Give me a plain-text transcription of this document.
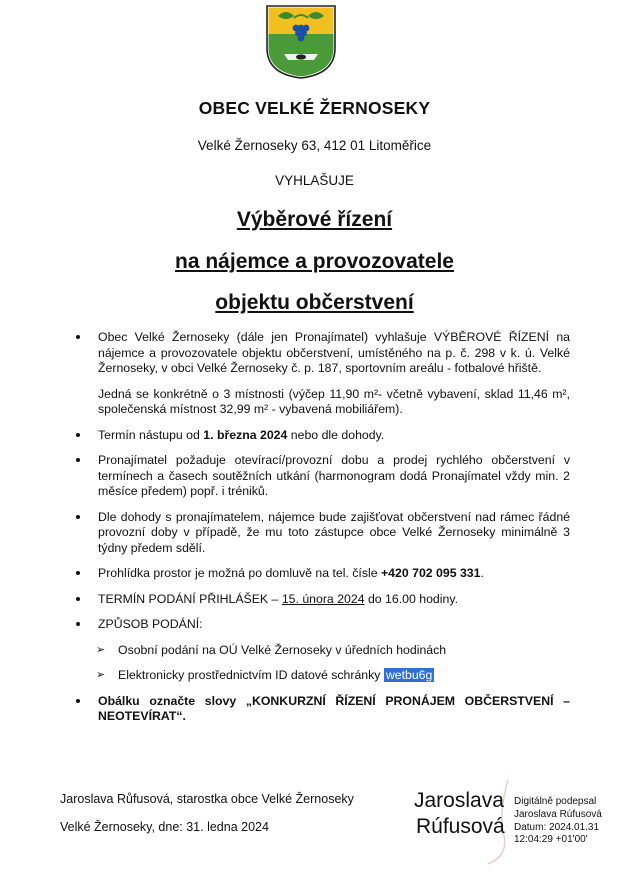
OBEC VELKÉ ŽERNOSEKY
Velké Žernoseky 63, 412 01 Litoměřice
VYHLAŠUJE
Výběrové řízení
na nájemce a provozovatele
objektu občerstvení
Obec Velké Žernoseky (dále jen Pronajímatel) vyhlašuje VÝBĚROVÉ ŘÍZENÍ na nájemce a provozovatele objektu občerstvení, umístěného na p. č. 298 v k. ú. Velké Žernoseky, v obci Velké Žernoseky č. p. 187, sportovním areálu - fotbalové hřiště.
Jedná se konkrétně o 3 místnosti (výčep 11,90 m²- včetně vybavení, sklad 11,46 m², společenská místnost 32,99 m² - vybavená mobiliářem).
Termín nástupu od 1. března 2024 nebo dle dohody.
Pronajímatel požaduje otevírací/provozní dobu a prodej rychlého občerstvení v termínech a časech soutěžních utkání (harmonogram dodá Pronajímatel vždy min. 2 měsíce předem) popř. i tréniků.
Dle dohody s pronajímatelem, nájemce bude zajišťovat občerstvení nad rámec řádné provozní doby v případě, že mu toto zástupce obce Velké Žernoseky minimálně 3 týdny předem sdělí.
Prohlídka prostor je možná po domluvě na tel. čísle +420 702 095 331.
TERMÍN PODÁNÍ PŘIHLÁŠEK – 15. února 2024 do 16.00 hodiny.
ZPŮSOB PODÁNÍ:
➢ Osobní podání na OÚ Velké Žernoseky v úředních hodinách
➢ Elektronicky prostřednictvím ID datové schránky wetbu6g
Obálku označte slovy „KONKURZNÍ ŘÍZENÍ PRONÁJEM OBČERSTVENÍ – NEOTEVÍRAT“.
Jaroslava Růfusová, starostka obce Velké Žernoseky
Velké Žernoseky, dne: 31. ledna 2024
Jaroslava
Rúfusová
Digitálně podepsal
Jaroslava Rúfusová
Datum: 2024.01.31
12:04:29 +01'00'
